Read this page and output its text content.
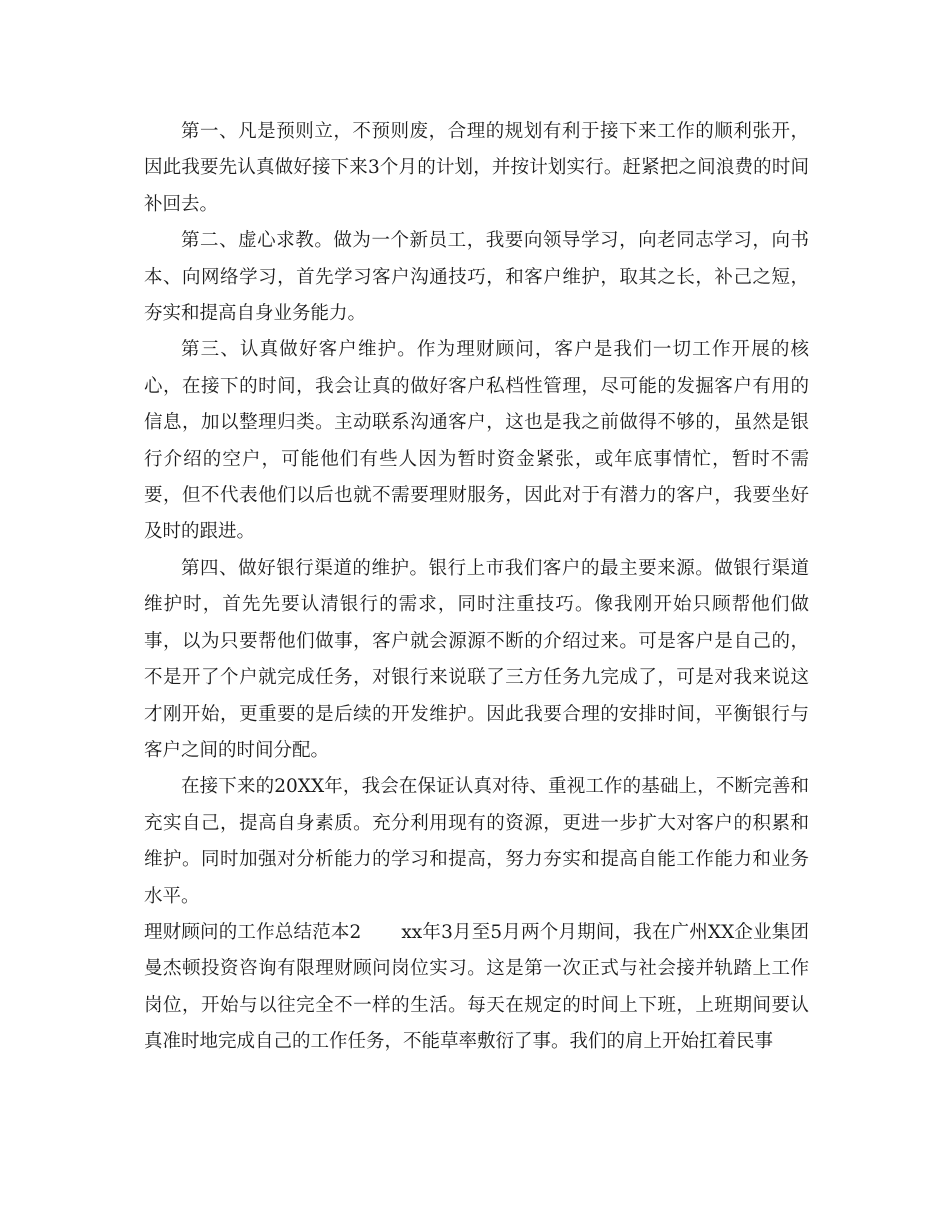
第一、凡是预则立，不预则废，合理的规划有利于接下来工作的顺利张开，因此我要先认真做好接下来3个月的计划，并按计划实行。赶紧把之间浪费的时间补回去。

第二、虚心求教。做为一个新员工，我要向领导学习，向老同志学习，向书本、向网络学习，首先学习客户沟通技巧，和客户维护，取其之长，补己之短，夯实和提高自身业务能力。

第三、认真做好客户维护。作为理财顾问，客户是我们一切工作开展的核心，在接下的时间，我会让真的做好客户私档性管理，尽可能的发掘客户有用的信息，加以整理归类。主动联系沟通客户，这也是我之前做得不够的，虽然是银行介绍的空户，可能他们有些人因为暂时资金紧张，或年底事情忙，暂时不需要，但不代表他们以后也就不需要理财服务，因此对于有潜力的客户，我要坐好及时的跟进。

第四、做好银行渠道的维护。银行上市我们客户的最主要来源。做银行渠道维护时，首先先要认清银行的需求，同时注重技巧。像我刚开始只顾帮他们做事，以为只要帮他们做事，客户就会源源不断的介绍过来。可是客户是自己的，不是开了个户就完成任务，对银行来说联了三方任务九完成了，可是对我来说这才刚开始，更重要的是后续的开发维护。因此我要合理的安排时间，平衡银行与客户之间的时间分配。

在接下来的20XX年，我会在保证认真对待、重视工作的基础上，不断完善和充实自己，提高自身素质。充分利用现有的资源，更进一步扩大对客户的积累和维护。同时加强对分析能力的学习和提高，努力夯实和提高自能工作能力和业务水平。

理财顾问的工作总结范本2 xx年3月至5月两个月期间，我在广州XX企业集团曼杰顿投资咨询有限理财顾问岗位实习。这是第一次正式与社会接并轨踏上工作岗位，开始与以往完全不一样的生活。每天在规定的时间上下班，上班期间要认真准时地完成自己的工作任务，不能草率敷衍了事。我们的肩上开始扛着民事
